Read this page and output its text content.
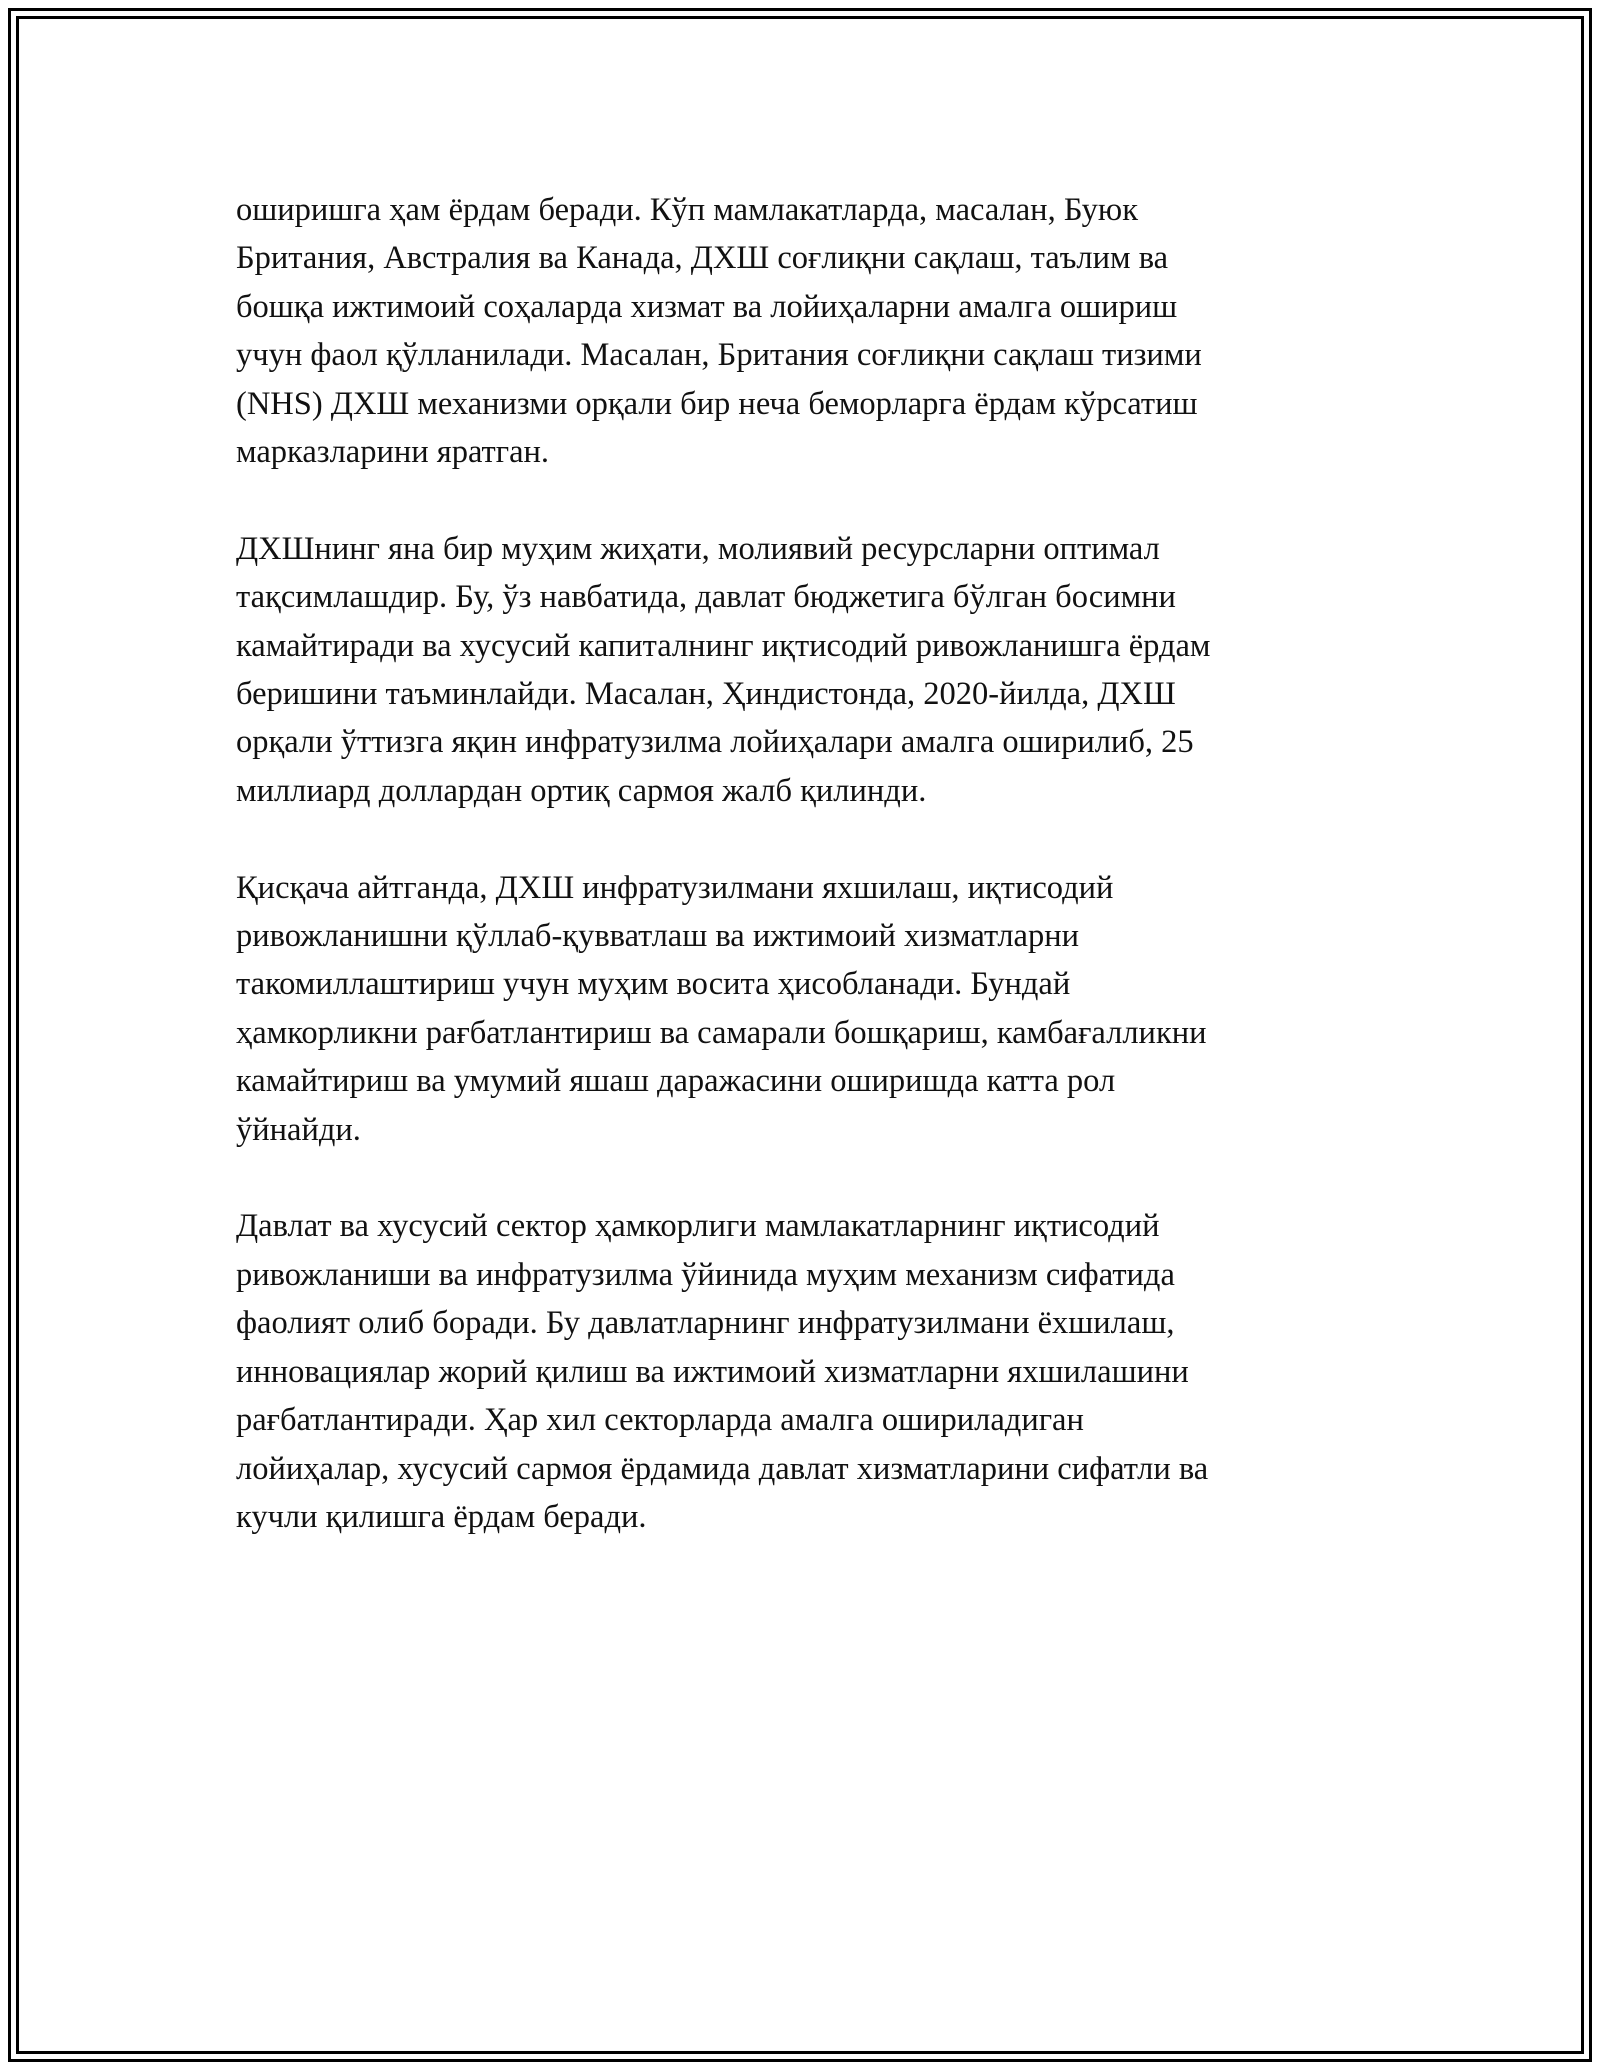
оширишга ҳам ёрдам беради. Кўп мамлакатларда, масалан, Буюк
Британия, Австралия ва Канада, ДХШ соғлиқни сақлаш, таълим ва
бошқа ижтимоий соҳаларда хизмат ва лойиҳаларни амалга ошириш
учун фаол қўлланилади. Масалан, Британия соғлиқни сақлаш тизими
(NHS) ДХШ механизми орқали бир неча беморларга ёрдам кўрсатиш
марказларини яратган.

ДХШнинг яна бир муҳим жиҳати, молиявий ресурсларни оптимал
тақсимлашдир. Бу, ўз навбатида, давлат бюджетига бўлган босимни
камайтиради ва хусусий капиталнинг иқтисодий ривожланишга ёрдам
беришини таъминлайди. Масалан, Ҳиндистонда, 2020-йилда, ДХШ
орқали ўттизга яқин инфратузилма лойиҳалари амалга оширилиб, 25
миллиард доллардан ортиқ сармоя жалб қилинди.

Қисқача айтганда, ДХШ инфратузилмани яхшилаш, иқтисодий
ривожланишни қўллаб-қувватлаш ва ижтимоий хизматларни
такомиллаштириш учун муҳим восита ҳисобланади. Бундай
ҳамкорликни рағбатлантириш ва самарали бошқариш, камбағалликни
камайтириш ва умумий яшаш даражасини оширишда катта рол
ўйнайди.

Давлат ва хусусий сектор ҳамкорлиги мамлакатларнинг иқтисодий
ривожланиши ва инфратузилма ўйинида муҳим механизм сифатида
фаолият олиб боради. Бу давлатларнинг инфратузилмани ёхшилаш,
инновациялар жорий қилиш ва ижтимоий хизматларни яхшилашини
рағбатлантиради. Ҳар хил секторларда амалга ошириладиган
лойиҳалар, хусусий сармоя ёрдамида давлат хизматларини сифатли ва
кучли қилишга ёрдам беради.
